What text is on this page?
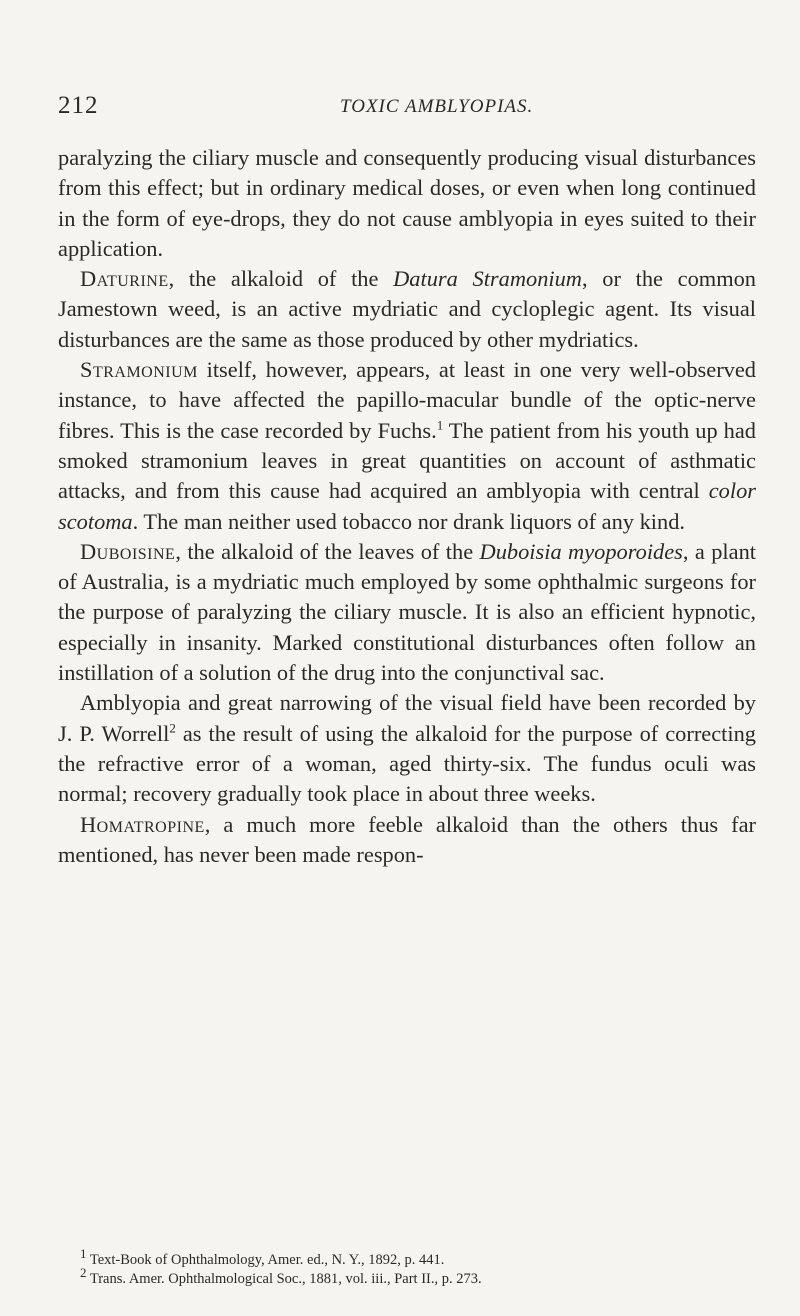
212	TOXIC AMBLYOPIAS.

paralyzing the ciliary muscle and consequently producing visual disturbances from this effect; but in ordinary medical doses, or even when long continued in the form of eye-drops, they do not cause amblyopia in eyes suited to their application.

Daturine, the alkaloid of the Datura Stramonium, or the common Jamestown weed, is an active mydriatic and cycloplegic agent. Its visual disturbances are the same as those produced by other mydriatics.

Stramonium itself, however, appears, at least in one very well-observed instance, to have affected the papillo-macular bundle of the optic-nerve fibres. This is the case recorded by Fuchs.$^1$ The patient from his youth up had smoked stramonium leaves in great quantities on account of asthmatic attacks, and from this cause had acquired an amblyopia with central color scotoma. The man neither used tobacco nor drank liquors of any kind.

Duboisine, the alkaloid of the leaves of the Duboisia myoporoides, a plant of Australia, is a mydriatic much employed by some ophthalmic surgeons for the purpose of paralyzing the ciliary muscle. It is also an efficient hypnotic, especially in insanity. Marked constitutional disturbances often follow an instillation of a solution of the drug into the conjunctival sac.

Amblyopia and great narrowing of the visual field have been recorded by J. P. Worrell$^2$ as the result of using the alkaloid for the purpose of correcting the refractive error of a woman, aged thirty-six. The fundus oculi was normal; recovery gradually took place in about three weeks.

Homatropine, a much more feeble alkaloid than the others thus far mentioned, has never been made respon-

$^1$ Text-Book of Ophthalmology, Amer. ed., N. Y., 1892, p. 441.
$^2$ Trans. Amer. Ophthalmological Soc., 1881, vol. iii., Part II., p. 273.
